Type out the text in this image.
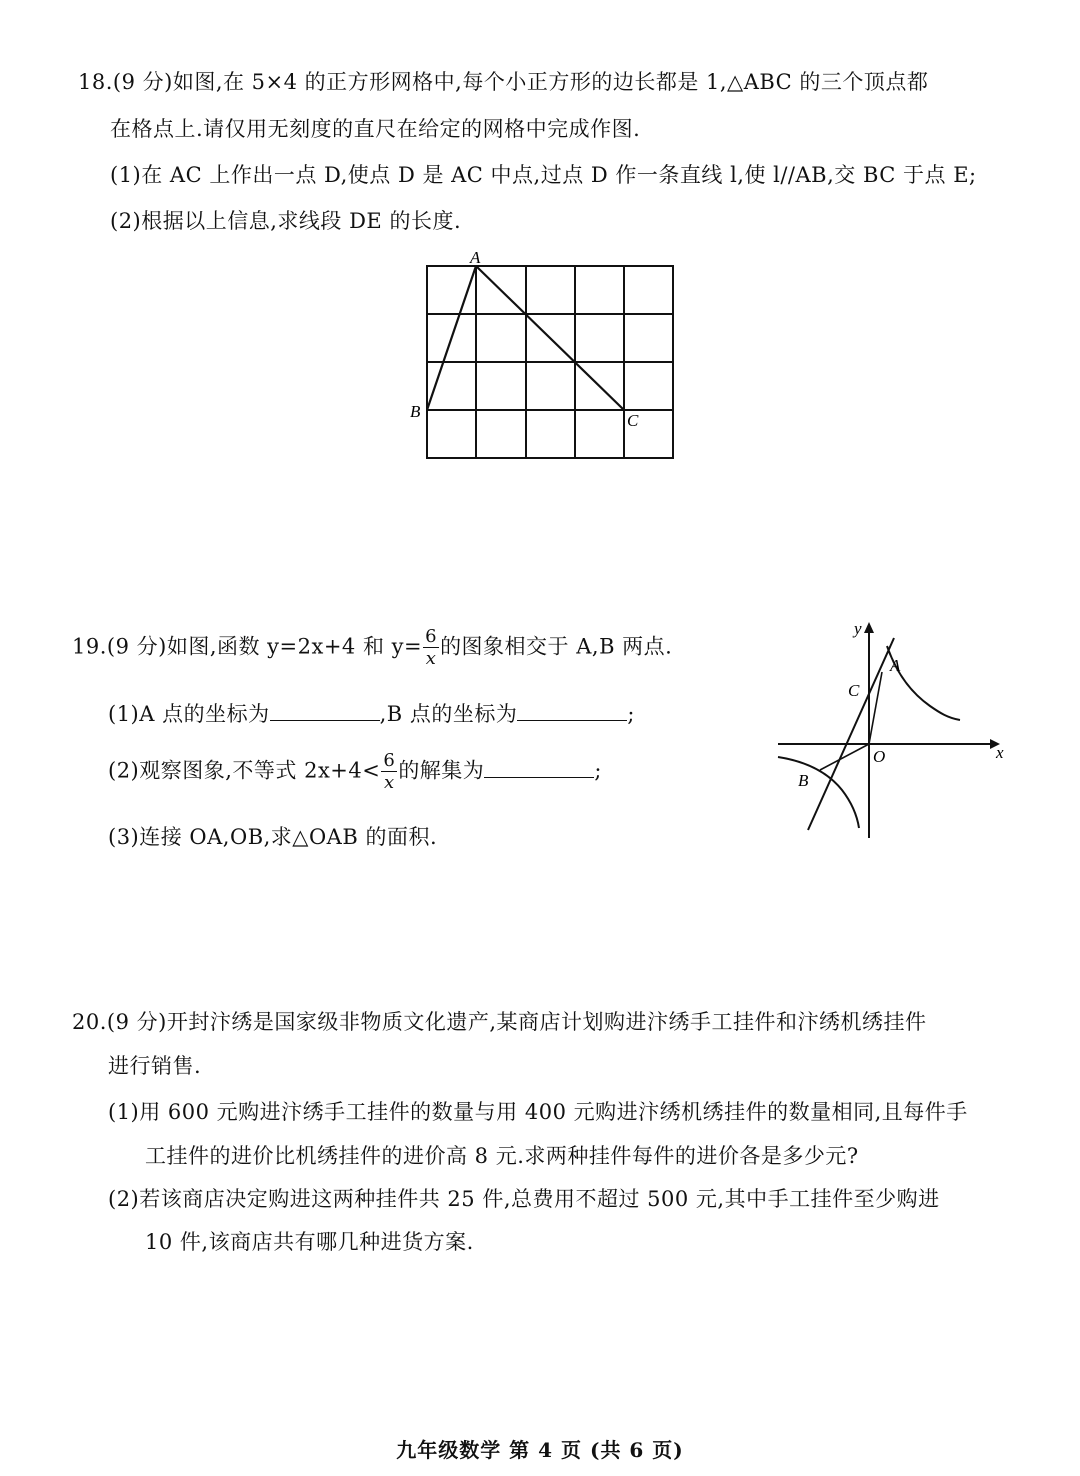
18.(9 分)如图,在 5×4 的正方形网格中,每个小正方形的边长都是 1,△ABC 的三个顶点都
在格点上.请仅用无刻度的直尺在给定的网格中完成作图.
(1)在 AC 上作出一点 D,使点 D 是 AC 中点,过点 D 作一条直线 l,使 l//AB,交 BC 于点 E;
(2)根据以上信息,求线段 DE 的长度.
A
B	C
19.(9 分)如图,函数 y=2x+4 和 $y= \frac{6}{x}$ 的图象相交于 A,B 两点.
(1)A 点的坐标为	,B 点的坐标为	;
(2)观察图象,不等式 $2x+4< \frac{6}{x}$ 的解集为	;
(3)连接 OA,OB,求△OAB 的面积.
y
x
O
A
B
C
20.(9 分)开封汴绣是国家级非物质文化遗产,某商店计划购进汴绣手工挂件和汴绣机绣挂件
进行销售.
(1)用 600 元购进汴绣手工挂件的数量与用 400 元购进汴绣机绣挂件的数量相同,且每件手
工挂件的进价比机绣挂件的进价高 8 元.求两种挂件每件的进价各是多少元?
(2)若该商店决定购进这两种挂件共 25 件,总费用不超过 500 元,其中手工挂件至少购进
10 件,该商店共有哪几种进货方案.
九年级数学 第 4 页 (共 6 页)
